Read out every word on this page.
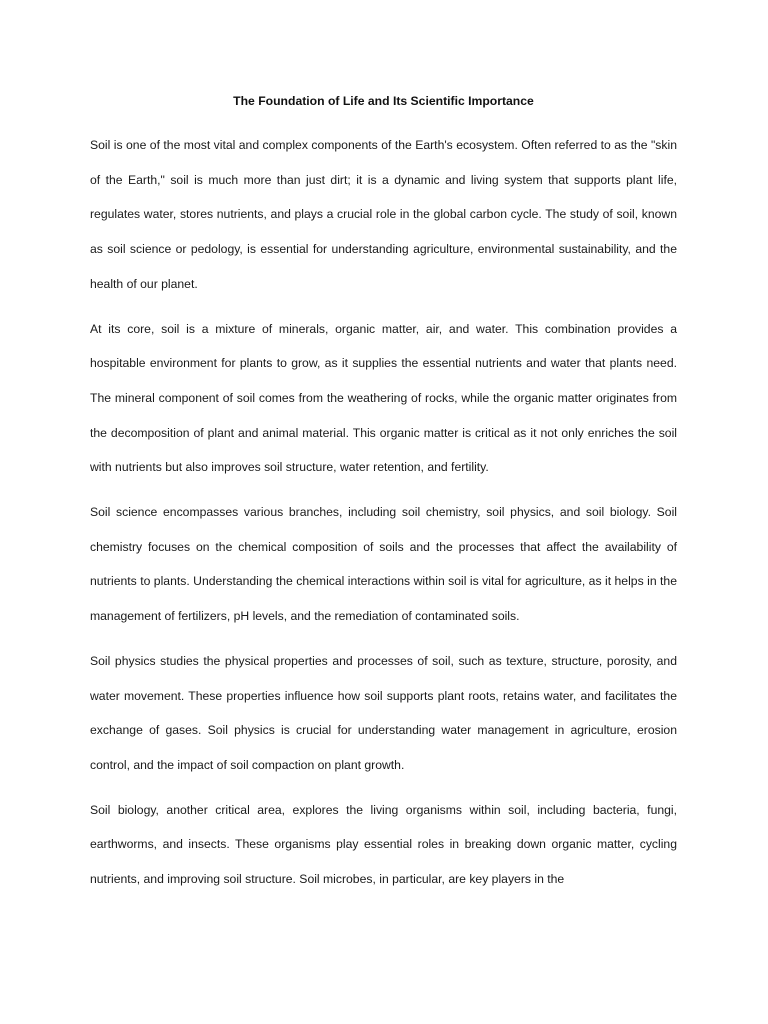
The Foundation of Life and Its Scientific Importance

Soil is one of the most vital and complex components of the Earth's ecosystem. Often referred to as the "skin of the Earth," soil is much more than just dirt; it is a dynamic and living system that supports plant life, regulates water, stores nutrients, and plays a crucial role in the global carbon cycle. The study of soil, known as soil science or pedology, is essential for understanding agriculture, environmental sustainability, and the health of our planet.

At its core, soil is a mixture of minerals, organic matter, air, and water. This combination provides a hospitable environment for plants to grow, as it supplies the essential nutrients and water that plants need. The mineral component of soil comes from the weathering of rocks, while the organic matter originates from the decomposition of plant and animal material. This organic matter is critical as it not only enriches the soil with nutrients but also improves soil structure, water retention, and fertility.

Soil science encompasses various branches, including soil chemistry, soil physics, and soil biology. Soil chemistry focuses on the chemical composition of soils and the processes that affect the availability of nutrients to plants. Understanding the chemical interactions within soil is vital for agriculture, as it helps in the management of fertilizers, pH levels, and the remediation of contaminated soils.

Soil physics studies the physical properties and processes of soil, such as texture, structure, porosity, and water movement. These properties influence how soil supports plant roots, retains water, and facilitates the exchange of gases. Soil physics is crucial for understanding water management in agriculture, erosion control, and the impact of soil compaction on plant growth.

Soil biology, another critical area, explores the living organisms within soil, including bacteria, fungi, earthworms, and insects. These organisms play essential roles in breaking down organic matter, cycling nutrients, and improving soil structure. Soil microbes, in particular, are key players in the
